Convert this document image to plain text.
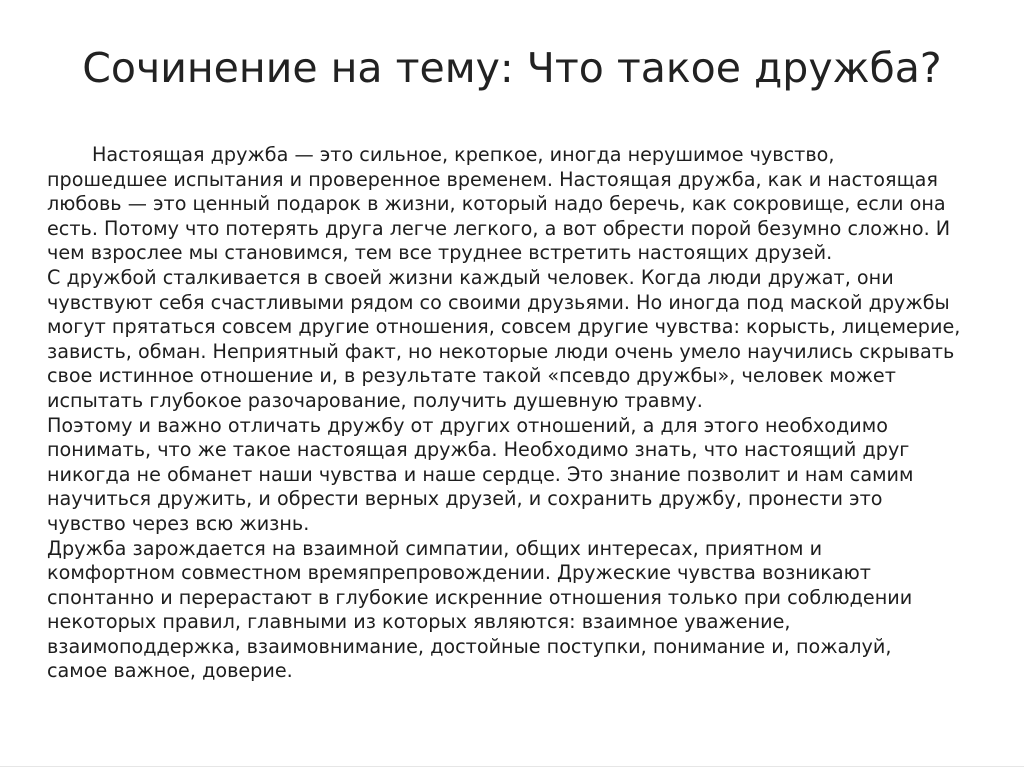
Сочинение на тему: Что такое дружба?
Настоящая дружба — это сильное, крепкое, иногда нерушимое чувство,
прошедшее испытания и проверенное временем. Настоящая дружба, как и настоящая
любовь — это ценный подарок в жизни, который надо беречь, как сокровище, если она
есть. Потому что потерять друга легче легкого, а вот обрести порой безумно сложно. И
чем взрослее мы становимся, тем все труднее встретить настоящих друзей.
С дружбой сталкивается в своей жизни каждый человек. Когда люди дружат, они
чувствуют себя счастливыми рядом со своими друзьями. Но иногда под маской дружбы
могут прятаться совсем другие отношения, совсем другие чувства: корысть, лицемерие,
зависть, обман. Неприятный факт, но некоторые люди очень умело научились скрывать
свое истинное отношение и, в результате такой «псевдо дружбы», человек может
испытать глубокое разочарование, получить душевную травму.
Поэтому и важно отличать дружбу от других отношений, а для этого необходимо
понимать, что же такое настоящая дружба. Необходимо знать, что настоящий друг
никогда не обманет наши чувства и наше сердце. Это знание позволит и нам самим
научиться дружить, и обрести верных друзей, и сохранить дружбу, пронести это
чувство через всю жизнь.
Дружба зарождается на взаимной симпатии, общих интересах, приятном и
комфортном совместном времяпрепровождении. Дружеские чувства возникают
спонтанно и перерастают в глубокие искренние отношения только при соблюдении
некоторых правил, главными из которых являются: взаимное уважение,
взаимоподдержка, взаимовнимание, достойные поступки, понимание и, пожалуй,
самое важное, доверие.
